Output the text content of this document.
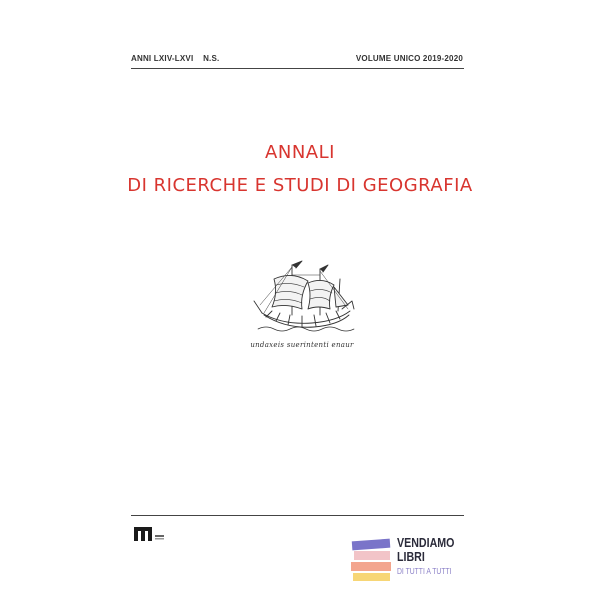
ANNI LXIV-LXVI N.S.	VOLUME UNICO 2019-2020
ANNALI
DI RICERCHE E STUDI DI GEOGRAFIA
undaxeis suerintenti enaur
VENDIAMO
LIBRI
DI TUTTI A TUTTI
